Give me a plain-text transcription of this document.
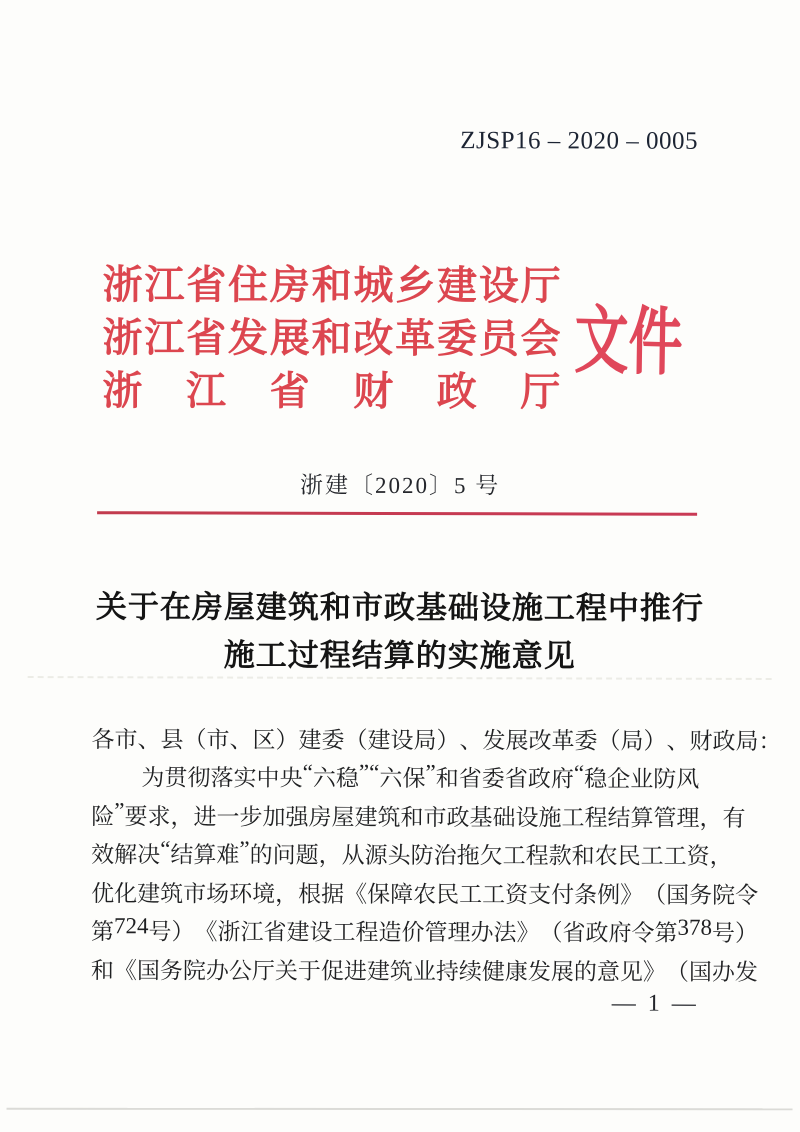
ZJSP16 – 2020 – 0005
浙 江 省 住 房 和 城 乡 建 设 厅
浙 江 省 发 展 和 改 革 委 员 会
浙 江 省 财 政 厅
文件
浙建〔2020〕5 号
关于在房屋建筑和市政基础设施工程中推行
施工过程结算的实施意见
各 市 、 县 （ 市 、 区 ） 建 委 （ 建 设 局 ） 、 发 展 改 革 委 （ 局 ） 、 财 政 局 ：
为 贯 彻 落 实 中 央 “ 六 稳 ” “ 六 保 ” 和 省 委 省 政 府 “ 稳 企 业 防 风
险 ” 要 求 ， 进 一 步 加 强 房 屋 建 筑 和 市 政 基 础 设 施 工 程 结 算 管 理 ， 有
效 解 决 “ 结 算 难 ” 的 问 题 ， 从 源 头 防 治 拖 欠 工 程 款 和 农 民 工 工 资 ，
优 化 建 筑 市 场 环 境 ， 根 据 《 保 障 农 民 工 工 资 支 付 条 例 》 （ 国 务 院 令
第 724 号 ） 《 浙 江 省 建 设 工 程 造 价 管 理 办 法 》 （ 省 政 府 令 第 378 号 ）
和 《 国 务 院 办 公 厅 关 于 促 进 建 筑 业 持 续 健 康 发 展 的 意 见 》 （ 国 办 发
— 1 —
